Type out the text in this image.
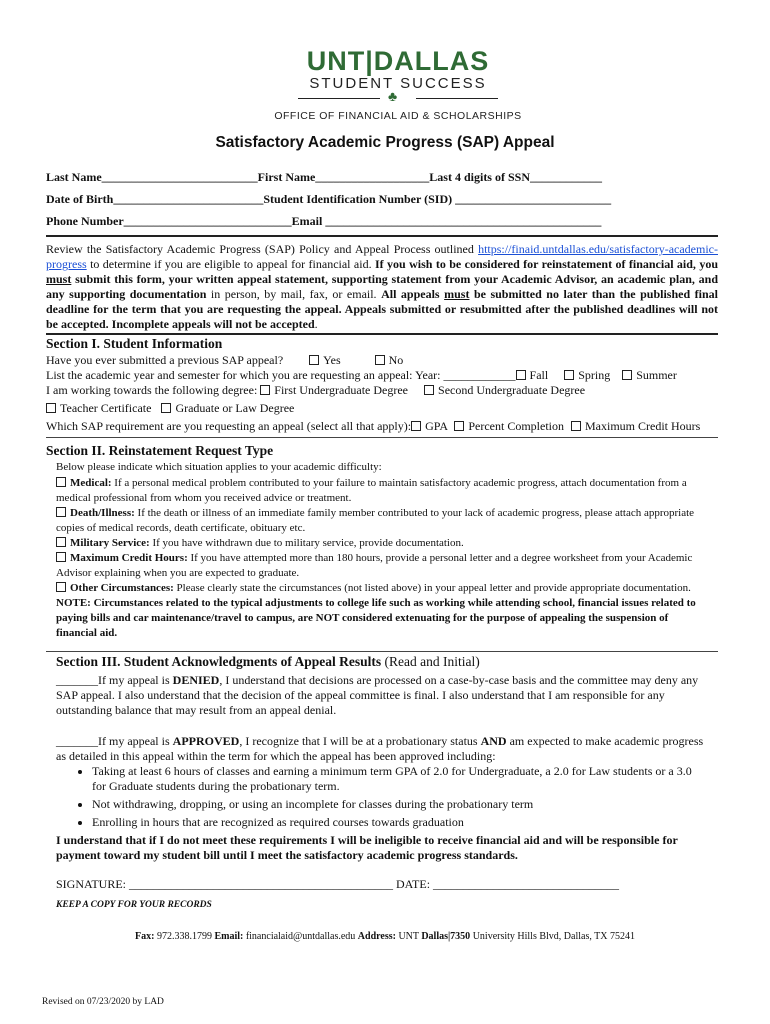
UNT|DALLAS
STUDENT SUCCESS
♣
OFFICE OF FINANCIAL AID & SCHOLARSHIPS
Satisfactory Academic Progress (SAP) Appeal
Last Name__________________________First Name___________________Last 4 digits of SSN____________
Date of Birth_________________________Student Identification Number (SID) __________________________
Phone Number____________________________Email ______________________________________________
Review the Satisfactory Academic Progress (SAP) Policy and Appeal Process outlined https://finaid.untdallas.edu/satisfactory-academic-progress to determine if you are eligible to appeal for financial aid. If you wish to be considered for reinstatement of financial aid, you must submit this form, your written appeal statement, supporting statement from your Academic Advisor, an academic plan, and any supporting documentation in person, by mail, fax, or email. All appeals must be submitted no later than the published final deadline for the term that you are requesting the appeal. Appeals submitted or resubmitted after the published deadlines will not be accepted. Incomplete appeals will not be accepted.
Section I. Student Information
Have you ever submitted a previous SAP appeal?	Yes	No
List the academic year and semester for which you are requesting an appeal: Year: ____________ Fall	Spring Summer
I am working towards the following degree: First Undergraduate Degree	Second Undergraduate Degree
Teacher Certificate Graduate or Law Degree
Which SAP requirement are you requesting an appeal (select all that apply): GPA Percent Completion Maximum Credit Hours
Section II. Reinstatement Request Type
Below please indicate which situation applies to your academic difficulty:
Medical: If a personal medical problem contributed to your failure to maintain satisfactory academic progress, attach documentation from a medical professional from whom you received advice or treatment.
Death/Illness: If the death or illness of an immediate family member contributed to your lack of academic progress, please attach appropriate copies of medical records, death certificate, obituary etc.
Military Service: If you have withdrawn due to military service, provide documentation.
Maximum Credit Hours: If you have attempted more than 180 hours, provide a personal letter and a degree worksheet from your Academic Advisor explaining when you are expected to graduate.
Other Circumstances: Please clearly state the circumstances (not listed above) in your appeal letter and provide appropriate documentation.
NOTE: Circumstances related to the typical adjustments to college life such as working while attending school, financial issues related to paying bills and car maintenance/travel to campus, are NOT considered extenuating for the purpose of appealing the suspension of financial aid.
Section III. Student Acknowledgments of Appeal Results (Read and Initial)
_______If my appeal is DENIED, I understand that decisions are processed on a case-by-case basis and the committee may deny any SAP appeal. I also understand that the decision of the appeal committee is final. I also understand that I am responsible for any outstanding balance that may result from an appeal denial.
_______If my appeal is APPROVED, I recognize that I will be at a probationary status AND am expected to make academic progress as detailed in this appeal within the term for which the appeal has been approved including:
• Taking at least 6 hours of classes and earning a minimum term GPA of 2.0 for Undergraduate, a 2.0 for Law students or a 3.0 for Graduate students during the probationary term.
• Not withdrawing, dropping, or using an incomplete for classes during the probationary term
• Enrolling in hours that are recognized as required courses towards graduation
I understand that if I do not meet these requirements I will be ineligible to receive financial aid and will be responsible for payment toward my student bill until I meet the satisfactory academic progress standards.
SIGNATURE: ____________________________________________ DATE: _______________________________
KEEP A COPY FOR YOUR RECORDS
Fax: 972.338.1799 Email: financialaid@untdallas.edu Address: UNT Dallas|7350 University Hills Blvd, Dallas, TX 75241
Revised on 07/23/2020 by LAD
